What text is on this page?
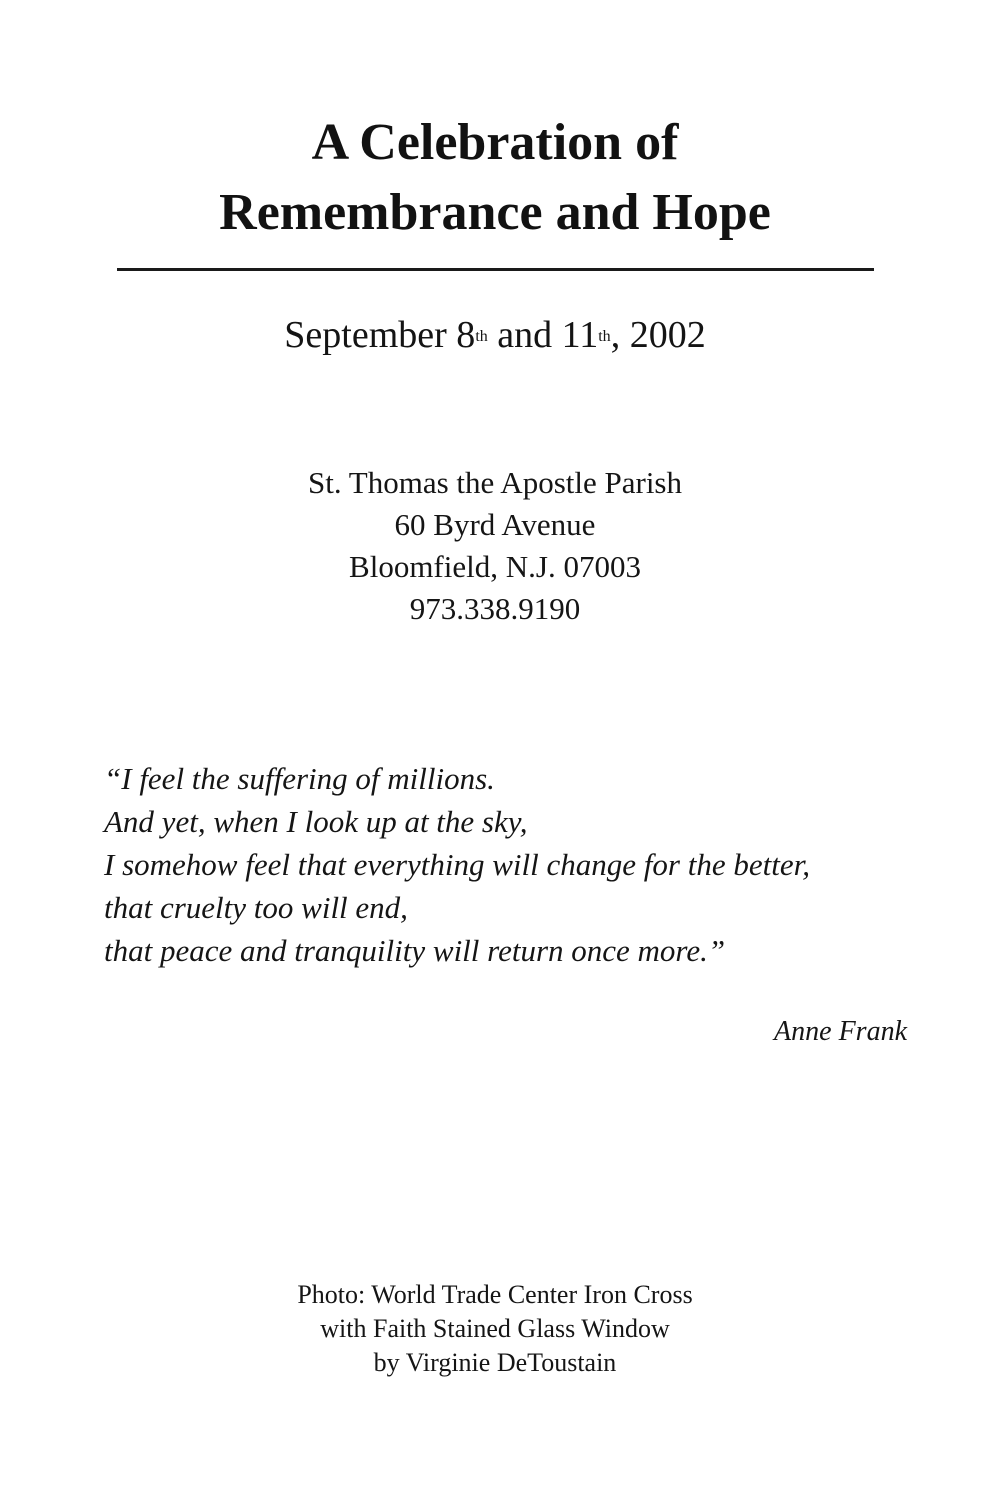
A Celebration of
Remembrance and Hope
September 8th and 11th, 2002
St. Thomas the Apostle Parish
60 Byrd Avenue
Bloomfield, N.J. 07003
973.338.9190
“I feel the suffering of millions.
And yet, when I look up at the sky,
I somehow feel that everything will change for the better,
that cruelty too will end,
that peace and tranquility will return once more.”
Anne Frank
Photo: World Trade Center Iron Cross
with Faith Stained Glass Window
by Virginie DeToustain
